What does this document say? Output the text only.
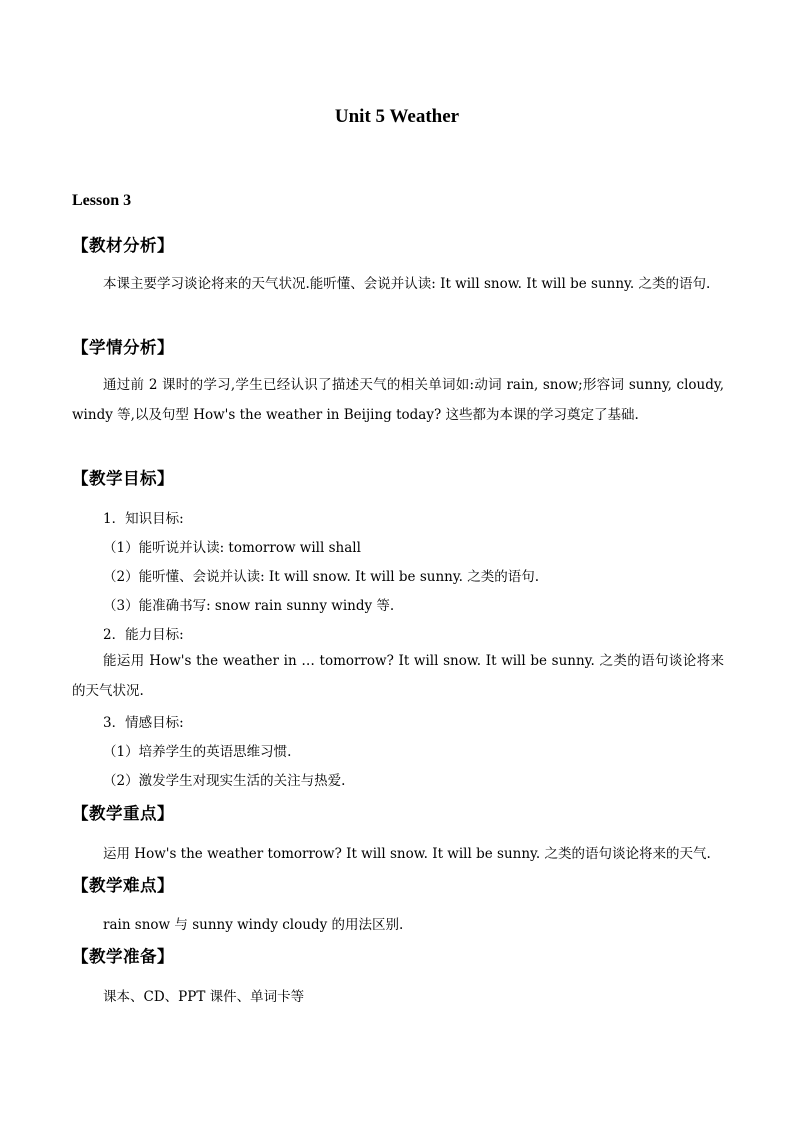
Unit 5 Weather
Lesson 3
【教材分析】
本课主要学习谈论将来的天气状况.能听懂、会说并认读: It will snow. It will be sunny. 之类的语句.
【学情分析】
通过前 2 课时的学习,学生已经认识了描述天气的相关单词如:动词 rain, snow;形容词 sunny, cloudy, windy 等,以及句型 How's the weather in Beijing today? 这些都为本课的学习奠定了基础.
【教学目标】
1．知识目标:
（1）能听说并认读: tomorrow will shall
（2）能听懂、会说并认读: It will snow. It will be sunny. 之类的语句.
（3）能准确书写: snow rain sunny windy 等.
2．能力目标:
能运用 How's the weather in … tomorrow? It will snow. It will be sunny. 之类的语句谈论将来的天气状况.
3．情感目标:
（1）培养学生的英语思维习惯.
（2）激发学生对现实生活的关注与热爱.
【教学重点】
运用 How's the weather tomorrow? It will snow. It will be sunny. 之类的语句谈论将来的天气.
【教学难点】
rain snow 与 sunny windy cloudy 的用法区别.
【教学准备】
课本、CD、PPT 课件、单词卡等
